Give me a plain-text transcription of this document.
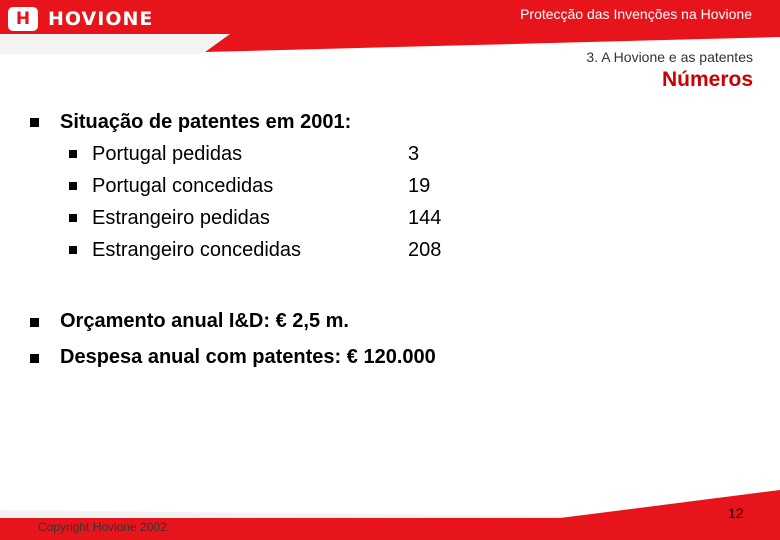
H HOVIONE	Protecção das Invenções na Hovione
3. A Hovione e as patentes
Números
Situação de patentes em 2001:
Portugal pedidas	3
Portugal concedidas	19
Estrangeiro pedidas	144
Estrangeiro concedidas	208
Orçamento anual I&D: € 2,5 m.
Despesa anual com patentes: € 120.000
Copyright Hovione 2002
12
